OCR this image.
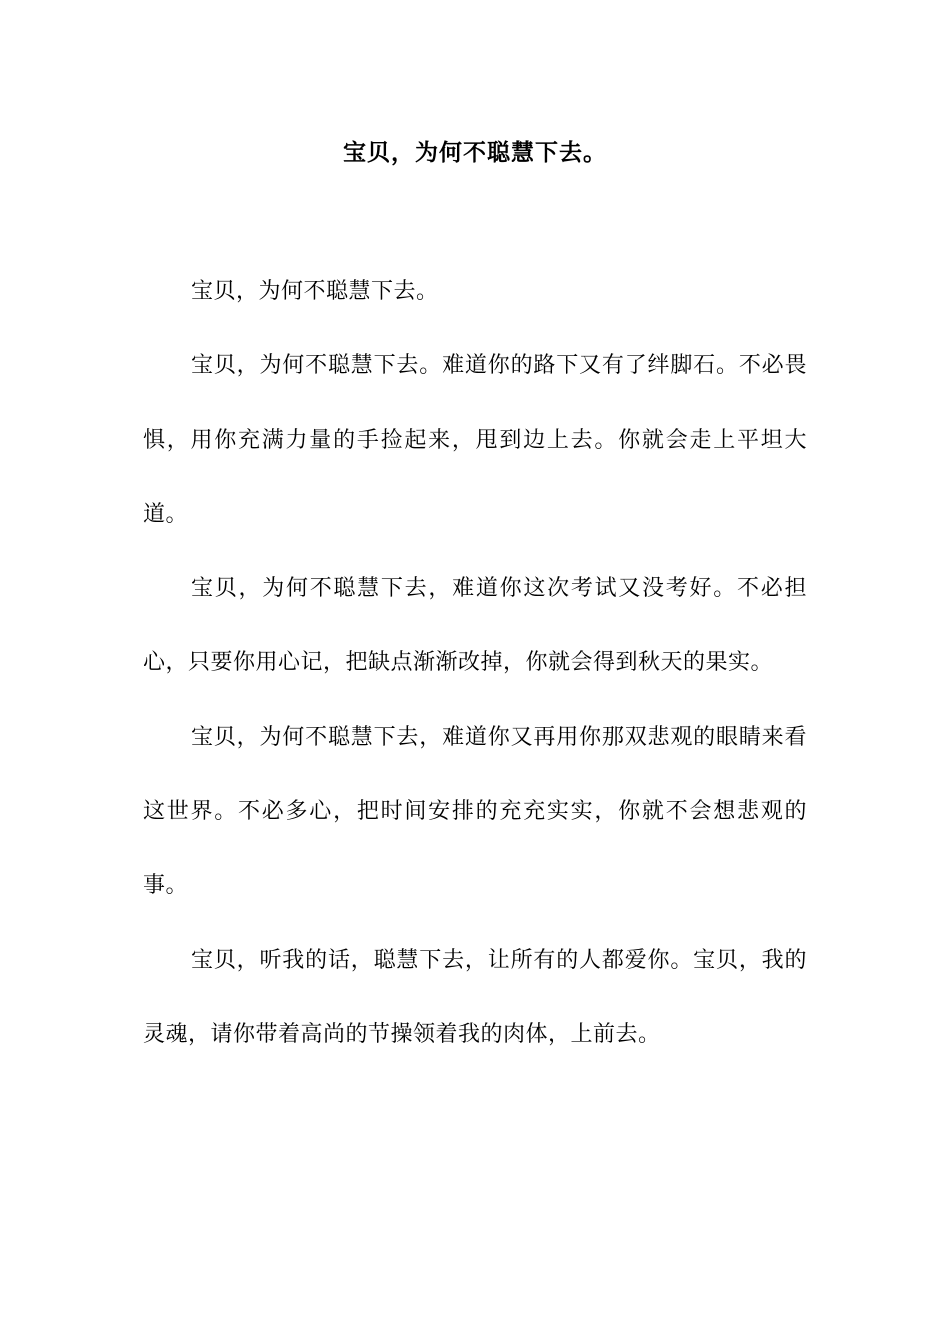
宝贝，为何不聪慧下去。

宝贝，为何不聪慧下去。

宝贝，为何不聪慧下去。难道你的路下又有了绊脚石。不必畏惧，用你充满力量的手捡起来，甩到边上去。你就会走上平坦大道。

宝贝，为何不聪慧下去，难道你这次考试又没考好。不必担心，只要你用心记，把缺点渐渐改掉，你就会得到秋天的果实。

宝贝，为何不聪慧下去，难道你又再用你那双悲观的眼睛来看这世界。不必多心，把时间安排的充充实实，你就不会想悲观的事。

宝贝，听我的话，聪慧下去，让所有的人都爱你。宝贝，我的灵魂，请你带着高尚的节操领着我的肉体，上前去。
